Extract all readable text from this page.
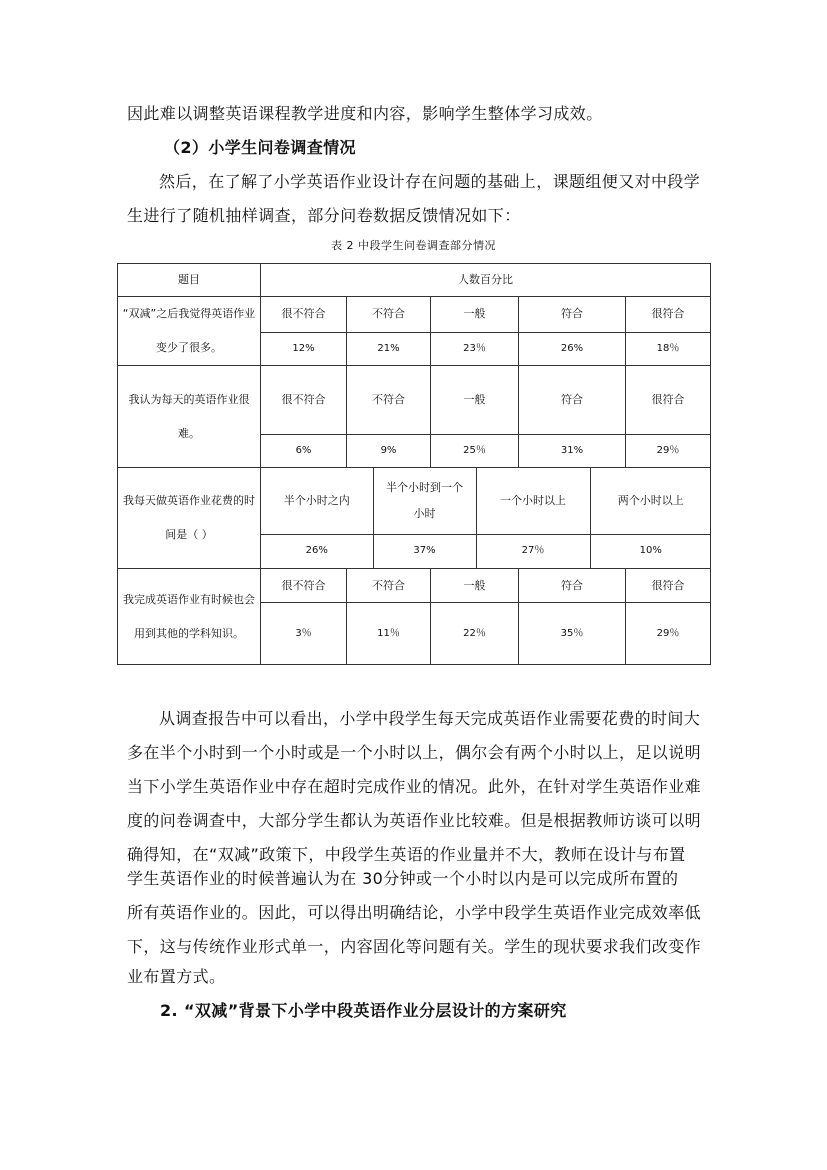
因此难以调整英语课程教学进度和内容，影响学生整体学习成效。
（2）小学生问卷调查情况
然后，在了解了小学英语作业设计存在问题的基础上，课题组便又对中段学
生进行了随机抽样调查，部分问卷数据反馈情况如下：
表 2 中段学生问卷调查部分情况
题目	人数百分比
“双减”之后我觉得英语作业变少了很多。	很不符合	不符合	一般	符合	很符合
12%	21%	23％	26%	18％
我认为每天的英语作业很难。	很不符合	不符合	一般	符合	很符合
6%	9%	25％	31%	29％
我每天做英语作业花费的时间是（ ）	
半个小时之内	半个小时到一个小时	一个小时以上	两个小时以上
26%	37%	27％	10%

我完成英语作业有时候也会用到其他的学科知识。	很不符合	不符合	一般	符合	很符合
3％	11％	22％	35％	29％
从调查报告中可以看出，小学中段学生每天完成英语作业需要花费的时间大
多在半个小时到一个小时或是一个小时以上，偶尔会有两个小时以上，足以说明
当下小学生英语作业中存在超时完成作业的情况。此外，在针对学生英语作业难
度的问卷调查中，大部分学生都认为英语作业比较难。但是根据教师访谈可以明
确得知，在“双减”政策下，中段学生英语的作业量并不大，教师在设计与布置
学生英语作业的时候普遍认为在 30分钟或一个小时以内是可以完成所布置的
所有英语作业的。因此，可以得出明确结论，小学中段学生英语作业完成效率低
下，这与传统作业形式单一，内容固化等问题有关。学生的现状要求我们改变作
业布置方式。
2. “双减”背景下小学中段英语作业分层设计的方案研究
